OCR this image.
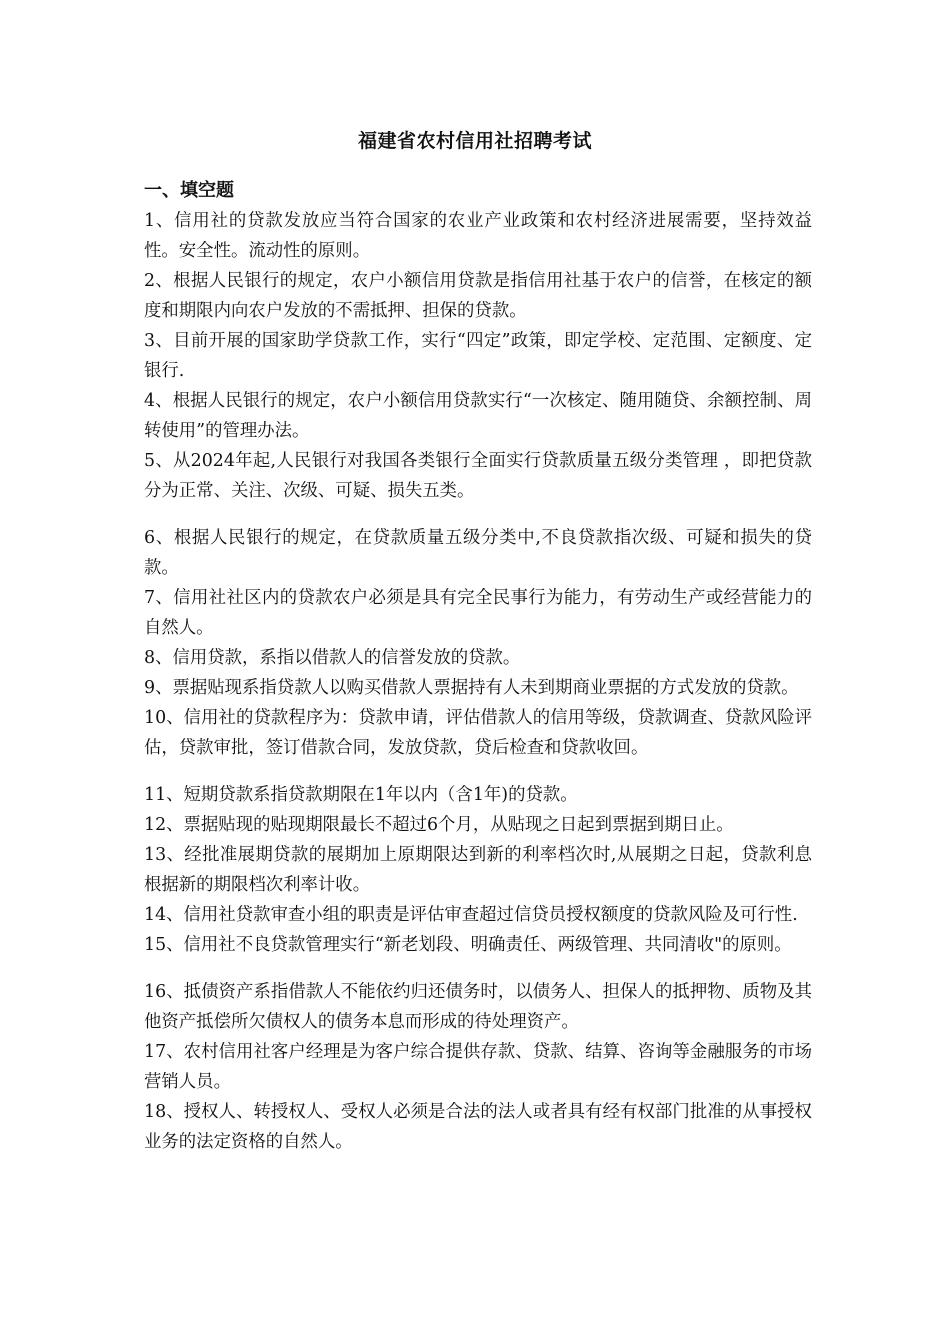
福建省农村信用社招聘考试

一、填空题

1、信用社的贷款发放应当符合国家的农业产业政策和农村经济进展需要，坚持效益性。安全性。流动性的原则。

2、根据人民银行的规定，农户小额信用贷款是指信用社基于农户的信誉，在核定的额度和期限内向农户发放的不需抵押、担保的贷款。

3、目前开展的国家助学贷款工作，实行“四定”政策，即定学校、定范围、定额度、定银行.

4、根据人民银行的规定，农户小额信用贷款实行“一次核定、随用随贷、余额控制、周转使用”的管理办法。

5、从2024年起,人民银行对我国各类银行全面实行贷款质量五级分类管理 ，即把贷款分为正常、关注、次级、可疑、损失五类。

6、根据人民银行的规定，在贷款质量五级分类中,不良贷款指次级、可疑和损失的贷款。

7、信用社社区内的贷款农户必须是具有完全民事行为能力，有劳动生产或经营能力的自然人。

8、信用贷款，系指以借款人的信誉发放的贷款。

9、票据贴现系指贷款人以购买借款人票据持有人未到期商业票据的方式发放的贷款。

10、信用社的贷款程序为：贷款申请，评估借款人的信用等级，贷款调查、贷款风险评估，贷款审批，签订借款合同，发放贷款，贷后检查和贷款收回。

11、短期贷款系指贷款期限在1年以内（含1年)的贷款。

12、票据贴现的贴现期限最长不超过6个月，从贴现之日起到票据到期日止。

13、经批准展期贷款的展期加上原期限达到新的利率档次时,从展期之日起，贷款利息根据新的期限档次利率计收。

14、信用社贷款审查小组的职责是评估审查超过信贷员授权额度的贷款风险及可行性.

15、信用社不良贷款管理实行“新老划段、明确责任、两级管理、共同清收"的原则。

16、抵债资产系指借款人不能依约归还债务时，以债务人、担保人的抵押物、质物及其他资产抵偿所欠债权人的债务本息而形成的待处理资产。

17、农村信用社客户经理是为客户综合提供存款、贷款、结算、咨询等金融服务的市场营销人员。

18、授权人、转授权人、受权人必须是合法的法人或者具有经有权部门批准的从事授权业务的法定资格的自然人。
